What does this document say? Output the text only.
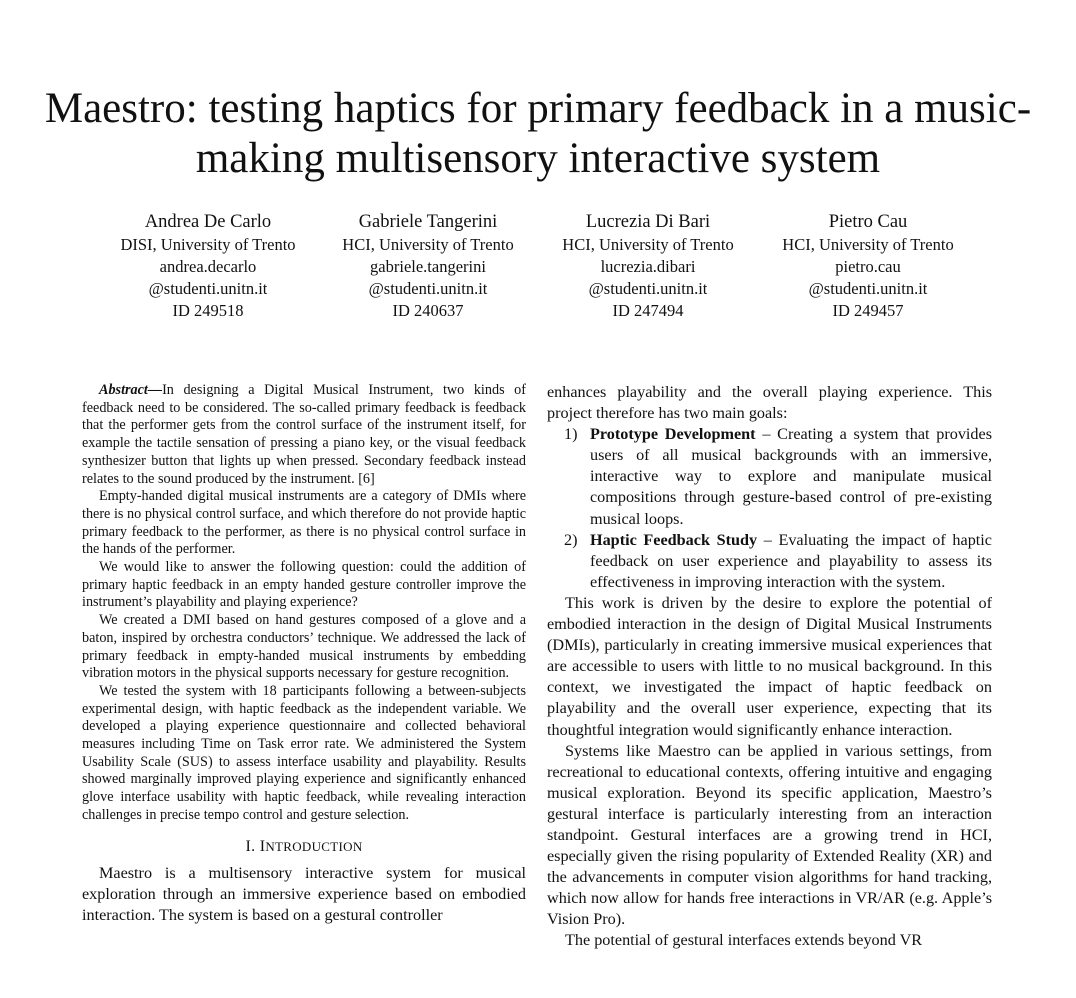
Maestro: testing haptics for primary feedback in a music-making multisensory interactive system
Andrea De Carlo
DISI, University of Trento
andrea.decarlo
@studenti.unitn.it
ID 249518
Gabriele Tangerini
HCI, University of Trento
gabriele.tangerini
@studenti.unitn.it
ID 240637
Lucrezia Di Bari
HCI, University of Trento
lucrezia.dibari
@studenti.unitn.it
ID 247494
Pietro Cau
HCI, University of Trento
pietro.cau
@studenti.unitn.it
ID 249457

Abstract—In designing a Digital Musical Instrument, two kinds of feedback need to be considered. The so-called primary feedback is feedback that the performer gets from the control surface of the instrument itself, for example the tactile sensation of pressing a piano key, or the visual feedback synthesizer button that lights up when pressed. Secondary feedback instead relates to the sound produced by the instrument. [6]

Empty-handed digital musical instruments are a category of DMIs where there is no physical control surface, and which therefore do not provide haptic primary feedback to the performer, as there is no physical control surface in the hands of the performer.

We would like to answer the following question: could the addition of primary haptic feedback in an empty handed gesture controller improve the instrument’s playability and playing experience?

We created a DMI based on hand gestures composed of a glove and a baton, inspired by orchestra conductors’ technique. We addressed the lack of primary feedback in empty-handed musical instruments by embedding vibration motors in the physical supports necessary for gesture recognition.

We tested the system with 18 participants following a between-subjects experimental design, with haptic feedback as the independent variable. We developed a playing experience questionnaire and collected behavioral measures including Time on Task error rate. We administered the System Usability Scale (SUS) to assess interface usability and playability. Results showed marginally improved playing experience and significantly enhanced glove interface usability with haptic feedback, while revealing interaction challenges in precise tempo control and gesture selection.

I. INTRODUCTION

Maestro is a multisensory interactive system for musical exploration through an immersive experience based on embodied interaction. The system is based on a gestural controller

enhances playability and the overall playing experience. This project therefore has two main goals:

1) Prototype Development – Creating a system that provides users of all musical backgrounds with an immersive, interactive way to explore and manipulate musical compositions through gesture-based control of pre-existing musical loops.
2) Haptic Feedback Study – Evaluating the impact of haptic feedback on user experience and playability to assess its effectiveness in improving interaction with the system.

This work is driven by the desire to explore the potential of embodied interaction in the design of Digital Musical Instruments (DMIs), particularly in creating immersive musical experiences that are accessible to users with little to no musical background. In this context, we investigated the impact of haptic feedback on playability and the overall user experience, expecting that its thoughtful integration would significantly enhance interaction.

Systems like Maestro can be applied in various settings, from recreational to educational contexts, offering intuitive and engaging musical exploration. Beyond its specific application, Maestro’s gestural interface is particularly interesting from an interaction standpoint. Gestural interfaces are a growing trend in HCI, especially given the rising popularity of Extended Reality (XR) and the advancements in computer vision algorithms for hand tracking, which now allow for hands free interactions in VR/AR (e.g. Apple’s Vision Pro).

The potential of gestural interfaces extends beyond VR
